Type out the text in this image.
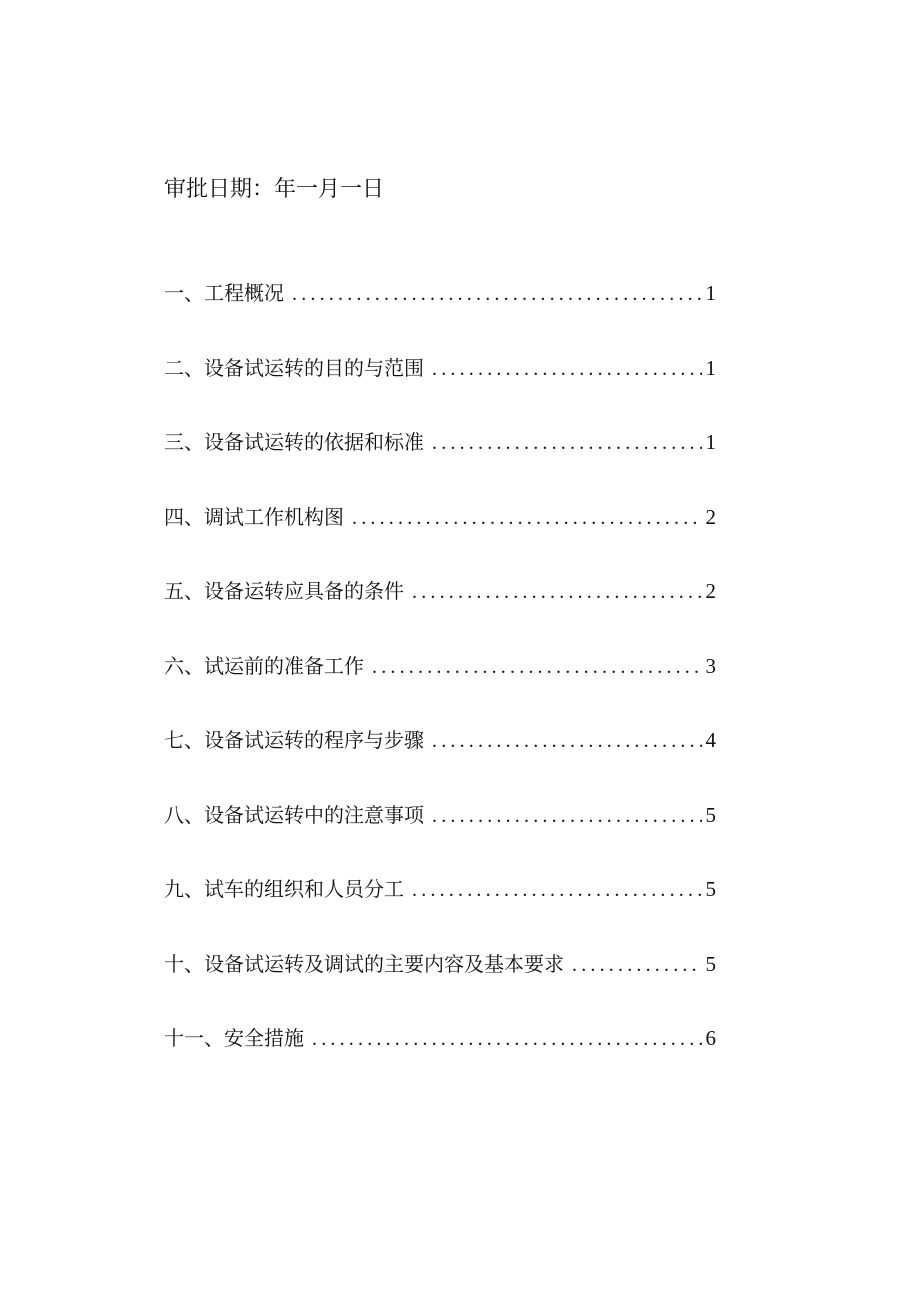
审批日期：年一月一日
一、工程概况 .....	1
二、设备试运转的目的与范围 .....	1
三、设备试运转的依据和标准 .....	1
四、调试工作机构图 .....	2
五、设备运转应具备的条件 .....	2
六、试运前的准备工作 .....	3
七、设备试运转的程序与步骤 .....	4
八、设备试运转中的注意事项 .....	5
九、试车的组织和人员分工 .....	5
十、设备试运转及调试的主要内容及基本要求 .....	5
十一、安全措施 .....	6
